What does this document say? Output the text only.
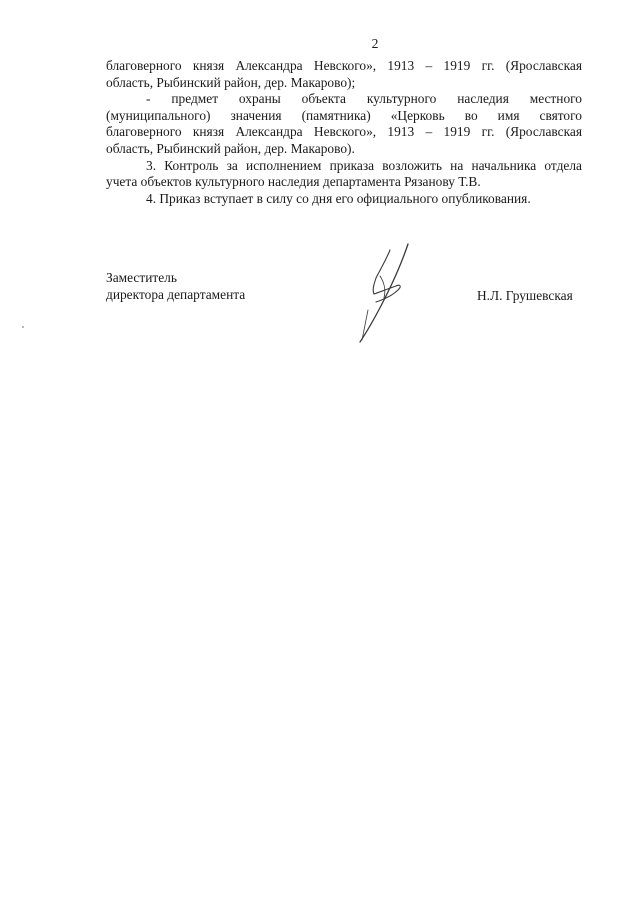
2

благоверного князя Александра Невского», 1913 – 1919 гг. (Ярославская
область, Рыбинский район, дер. Макарово);

- предмет охраны объекта культурного наследия местного
(муниципального) значения (памятника) «Церковь во имя святого
благоверного князя Александра Невского», 1913 – 1919 гг. (Ярославская
область, Рыбинский район, дер. Макарово).

3. Контроль за исполнением приказа возложить на начальника отдела
учета объектов культурного наследия департамента Рязанову Т.В.

4. Приказ вступает в силу со дня его официального опубликования.

Заместитель
директора департамента	Н.Л. Грушевская
